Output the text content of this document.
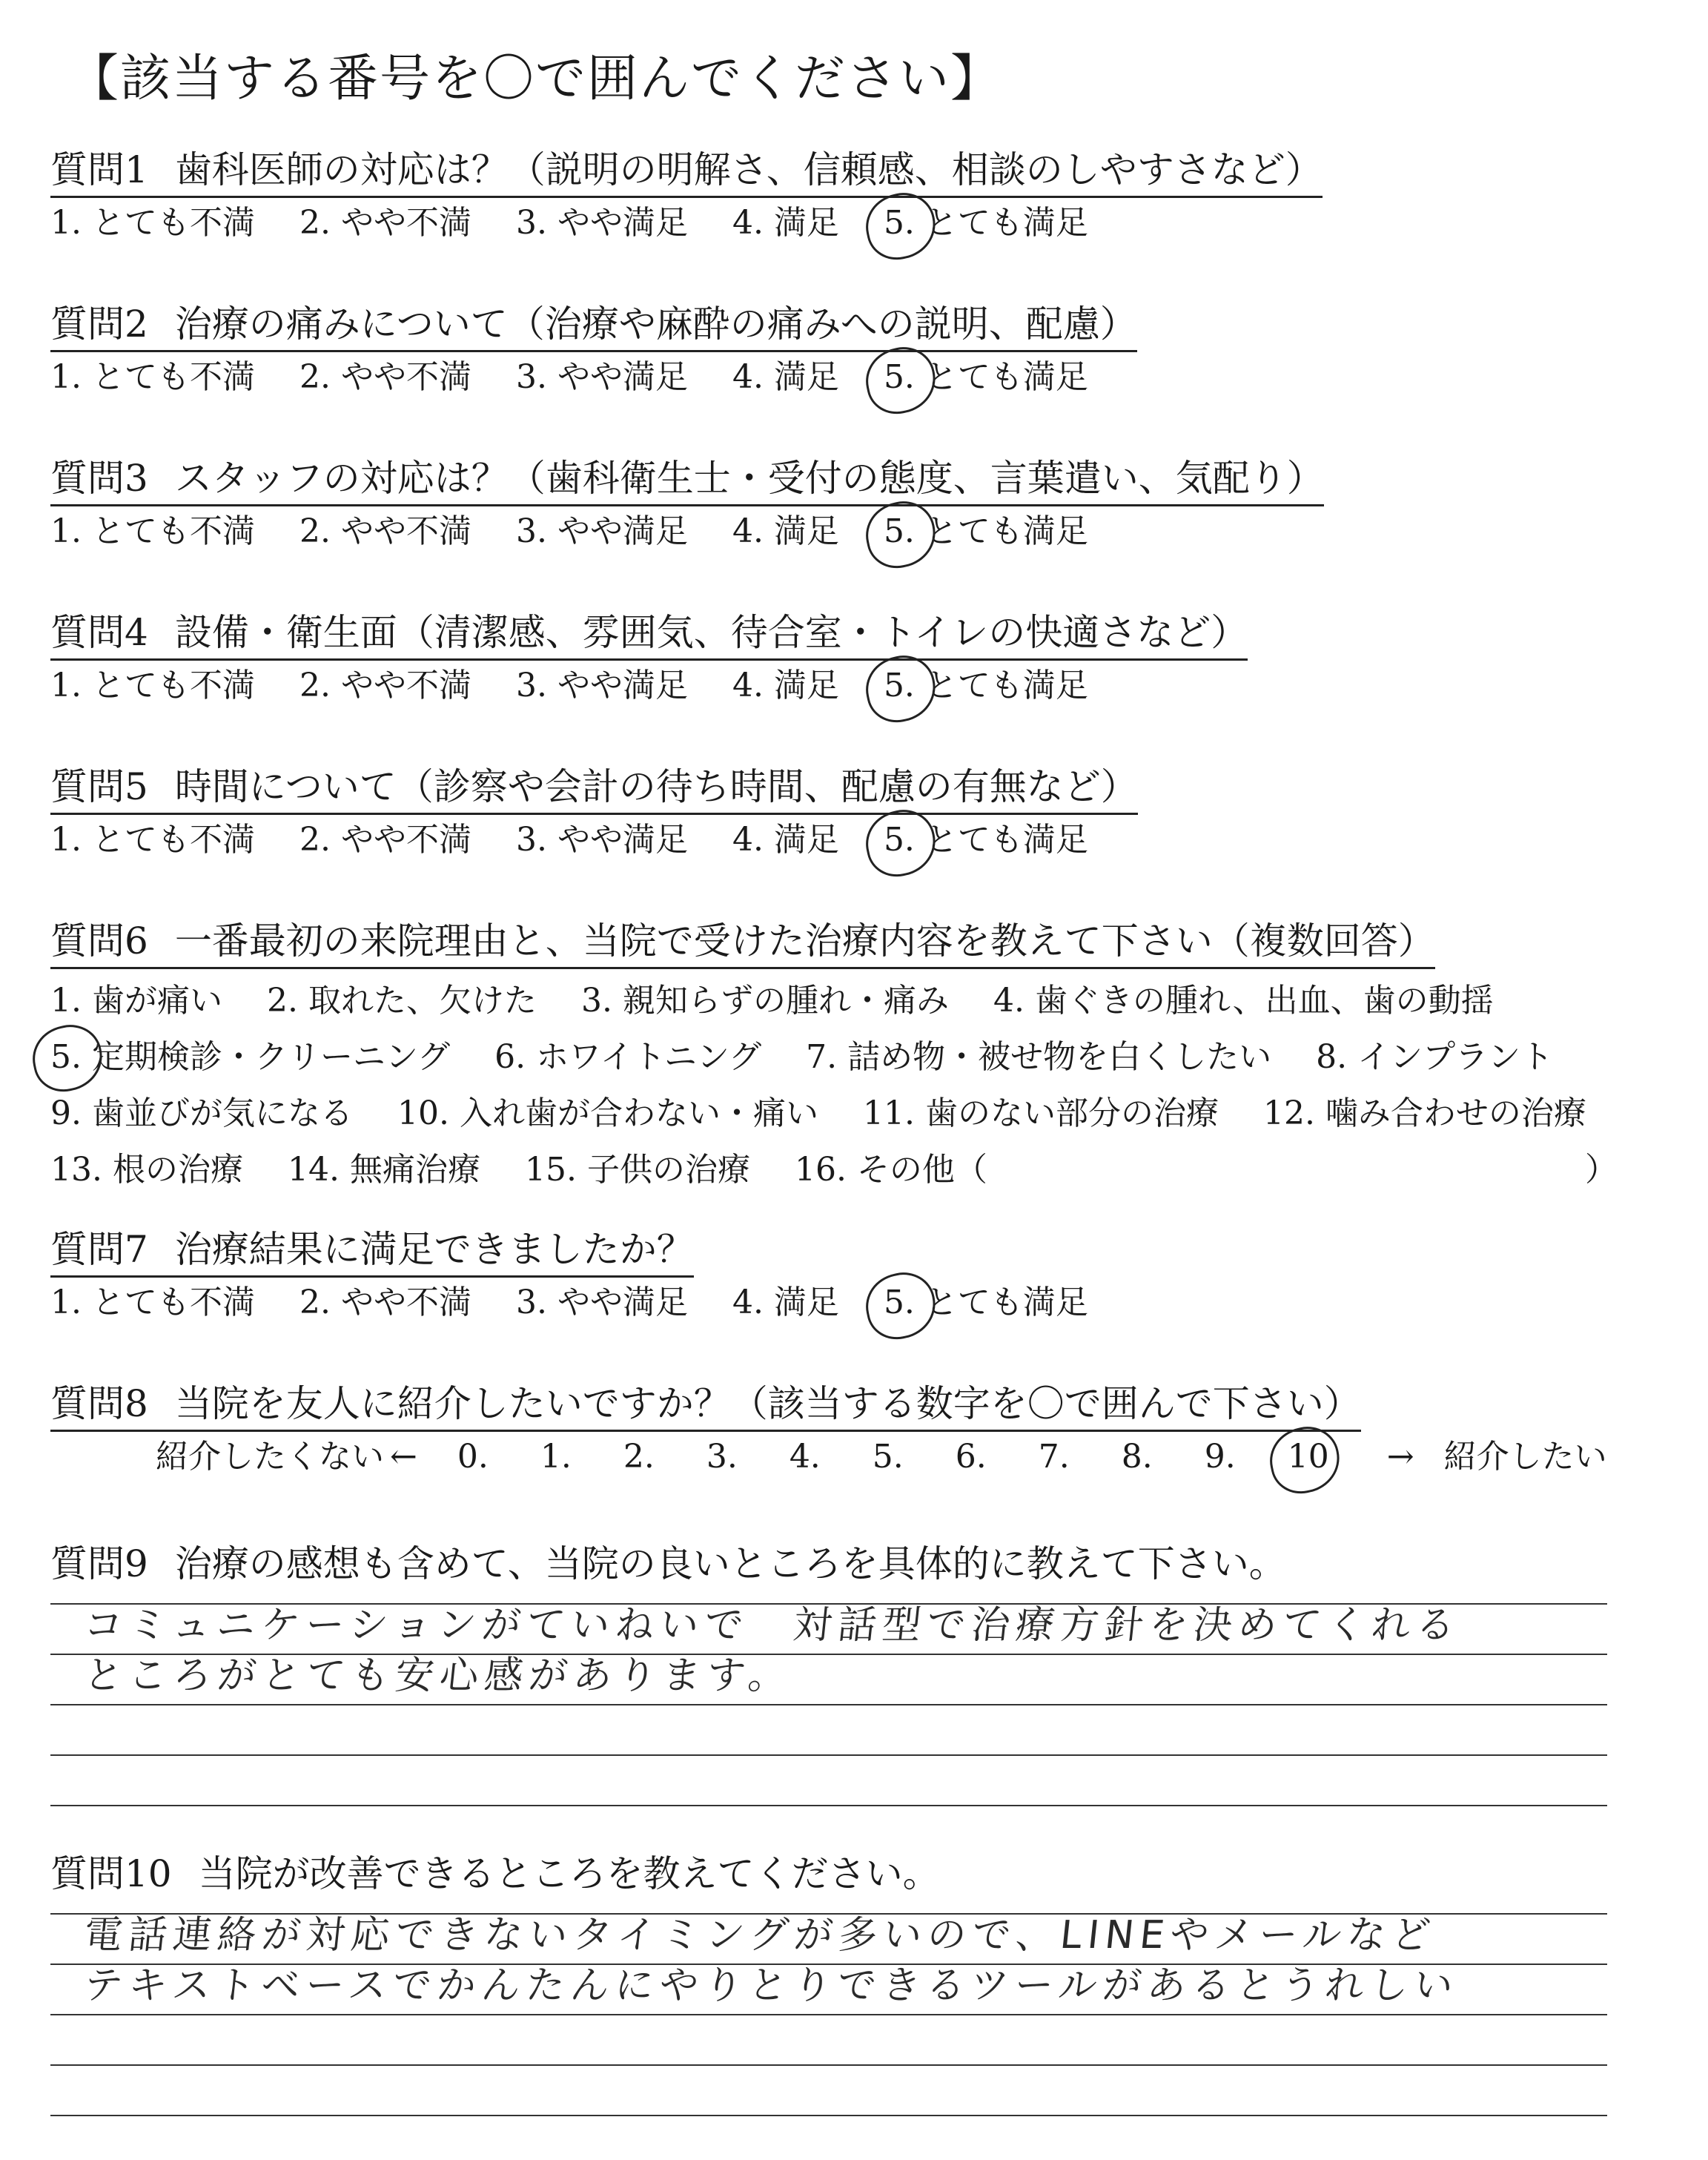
【該当する番号を〇で囲んでください】
質問1 歯科医師の対応は？（説明の明解さ、信頼感、相談のしやすさなど）
1. とても不満 2. やや不満 3. やや満足 4. 満足 5. とても満足
質問2 治療の痛みについて（治療や麻酔の痛みへの説明、配慮）
1. とても不満 2. やや不満 3. やや満足 4. 満足 5. とても満足
質問3 スタッフの対応は？（歯科衛生士・受付の態度、言葉遣い、気配り）
1. とても不満 2. やや不満 3. やや満足 4. 満足 5. とても満足
質問4 設備・衛生面（清潔感、雰囲気、待合室・トイレの快適さなど）
1. とても不満 2. やや不満 3. やや満足 4. 満足 5. とても満足
質問5 時間について（診察や会計の待ち時間、配慮の有無など）
1. とても不満 2. やや不満 3. やや満足 4. 満足 5. とても満足
質問6 一番最初の来院理由と、当院で受けた治療内容を教えて下さい（複数回答）
1. 歯が痛い 2. 取れた、欠けた 3. 親知らずの腫れ・痛み 4. 歯ぐきの腫れ、出血、歯の動揺
5. 定期検診・クリーニング 6. ホワイトニング 7. 詰め物・被せ物を白くしたい 8. インプラント
9. 歯並びが気になる 10. 入れ歯が合わない・痛い 11. 歯のない部分の治療 12. 噛み合わせの治療
13. 根の治療 14. 無痛治療 15. 子供の治療 16. その他（	）
質問7 治療結果に満足できましたか？
1. とても不満 2. やや不満 3. やや満足 4. 満足 5. とても満足
質問8 当院を友人に紹介したいですか？（該当する数字を〇で囲んで下さい）
紹介したくない ← 0. 1. 2. 3. 4. 5. 6. 7. 8. 9. 10 → 紹介したい
質問9 治療の感想も含めて、当院の良いところを具体的に教えて下さい。
コミュニケーションがていねいで　対話型で治療方針を決めてくれる
ところがとても安心感があります。
質問10 当院が改善できるところを教えてください。
電話連絡が対応できないタイミングが多いので、LINEやメールなど
テキストベースでかんたんにやりとりできるツールがあるとうれしい
